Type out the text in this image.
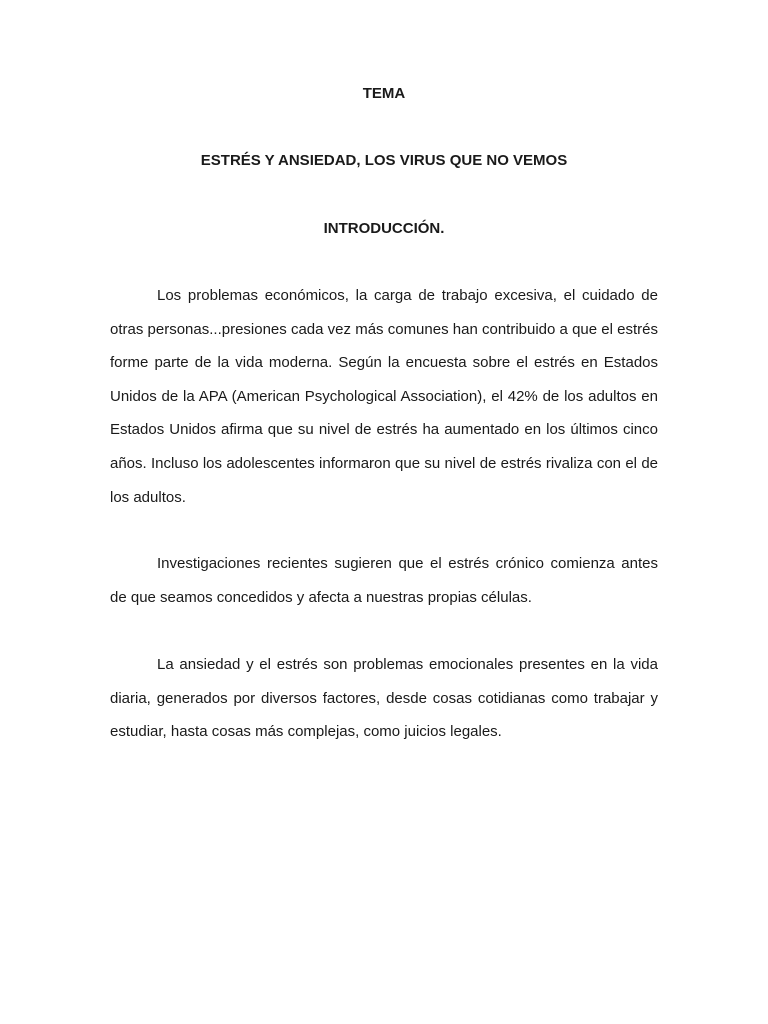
TEMA
ESTRÉS Y ANSIEDAD, LOS VIRUS QUE NO VEMOS
INTRODUCCIÓN.

Los problemas económicos, la carga de trabajo excesiva, el cuidado de otras personas...presiones cada vez más comunes han contribuido a que el estrés forme parte de la vida moderna. Según la encuesta sobre el estrés en Estados Unidos de la APA (American Psychological Association), el 42% de los adultos en Estados Unidos afirma que su nivel de estrés ha aumentado en los últimos cinco años. Incluso los adolescentes informaron que su nivel de estrés rivaliza con el de los adultos.

Investigaciones recientes sugieren que el estrés crónico comienza antes de que seamos concedidos y afecta a nuestras propias células.

La ansiedad y el estrés son problemas emocionales presentes en la vida diaria, generados por diversos factores, desde cosas cotidianas como trabajar y estudiar, hasta cosas más complejas, como juicios legales.
